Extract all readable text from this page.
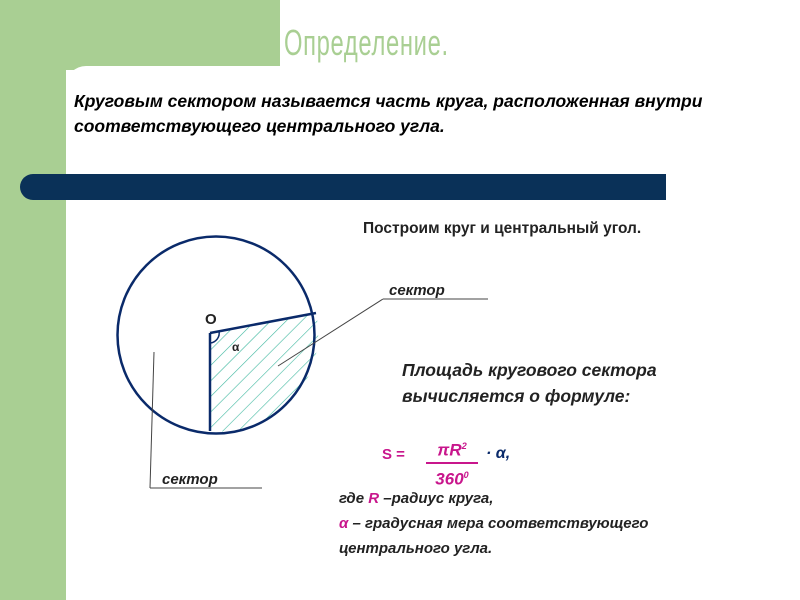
Определение.

Круговым сектором называется часть круга, расположенная внутри соответствующего центрального угла.

Построим круг и центральный угол.
O
α
сектор
сектор

Площадь кругового сектора
вычисляется о формуле:

$S = \frac{\pi R^2}{360^0} \cdot \alpha$,

где R –радиус круга,
α – градусная мера соответствующего
центрального угла.
